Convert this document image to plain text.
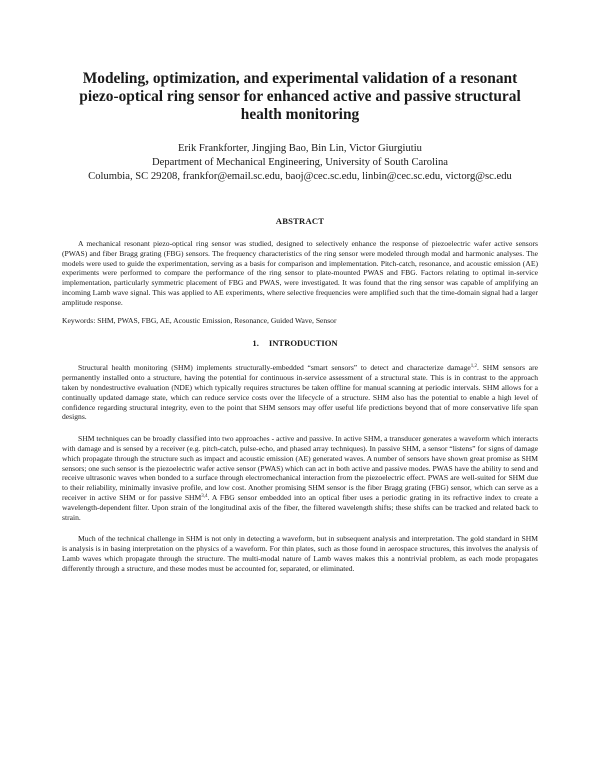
Modeling, optimization, and experimental validation of a resonant piezo-optical ring sensor for enhanced active and passive structural health monitoring
Erik Frankforter, Jingjing Bao, Bin Lin, Victor Giurgiutiu
Department of Mechanical Engineering, University of South Carolina
Columbia, SC 29208, frankfor@email.sc.edu, baoj@cec.sc.edu, linbin@cec.sc.edu, victorg@sc.edu
ABSTRACT

A mechanical resonant piezo-optical ring sensor was studied, designed to selectively enhance the response of piezoelectric wafer active sensors (PWAS) and fiber Bragg grating (FBG) sensors. The frequency characteristics of the ring sensor were modeled through modal and harmonic analyses. The models were used to guide the experimentation, serving as a basis for comparison and implementation. Pitch-catch, resonance, and acoustic emission (AE) experiments were performed to compare the performance of the ring sensor to plate-mounted PWAS and FBG. Factors relating to optimal in-service implementation, particularly symmetric placement of FBG and PWAS, were investigated. It was found that the ring sensor was capable of amplifying an incoming Lamb wave signal. This was applied to AE experiments, where selective frequencies were amplified such that the time-domain signal had a larger amplitude response.

Keywords: SHM, PWAS, FBG, AE, Acoustic Emission, Resonance, Guided Wave, Sensor

1. INTRODUCTION

Structural health monitoring (SHM) implements structurally-embedded “smart sensors” to detect and characterize damage$^{1,2}$. SHM sensors are permanently installed onto a structure, having the potential for continuous in-service assessment of a structural state. This is in contrast to the approach taken by nondestructive evaluation (NDE) which typically requires structures be taken offline for manual scanning at periodic intervals. SHM allows for a continually updated damage state, which can reduce service costs over the lifecycle of a structure. SHM also has the potential to enable a high level of confidence regarding structural integrity, even to the point that SHM sensors may offer useful life predictions beyond that of more conservative life span designs.

SHM techniques can be broadly classified into two approaches - active and passive. In active SHM, a transducer generates a waveform which interacts with damage and is sensed by a receiver (e.g. pitch-catch, pulse-echo, and phased array techniques). In passive SHM, a sensor “listens” for signs of damage which propagate through the structure such as impact and acoustic emission (AE) generated waves. A number of sensors have shown great promise as SHM sensors; one such sensor is the piezoelectric wafer active sensor (PWAS) which can act in both active and passive modes. PWAS have the ability to send and receive ultrasonic waves when bonded to a surface through electromechanical interaction from the piezoelectric effect. PWAS are well-suited for SHM due to their reliability, minimally invasive profile, and low cost. Another promising SHM sensor is the fiber Bragg grating (FBG) sensor, which can serve as a receiver in active SHM or for passive SHM$^{3,4}$. A FBG sensor embedded into an optical fiber uses a periodic grating in its refractive index to create a wavelength-dependent filter. Upon strain of the longitudinal axis of the fiber, the filtered wavelength shifts; these shifts can be tracked and related back to strain.

Much of the technical challenge in SHM is not only in detecting a waveform, but in subsequent analysis and interpretation. The gold standard in SHM is analysis is in basing interpretation on the physics of a waveform. For thin plates, such as those found in aerospace structures, this involves the analysis of Lamb waves which propagate through the structure. The multi-modal nature of Lamb waves makes this a nontrivial problem, as each mode propagates differently through a structure, and these modes must be accounted for, separated, or eliminated.
